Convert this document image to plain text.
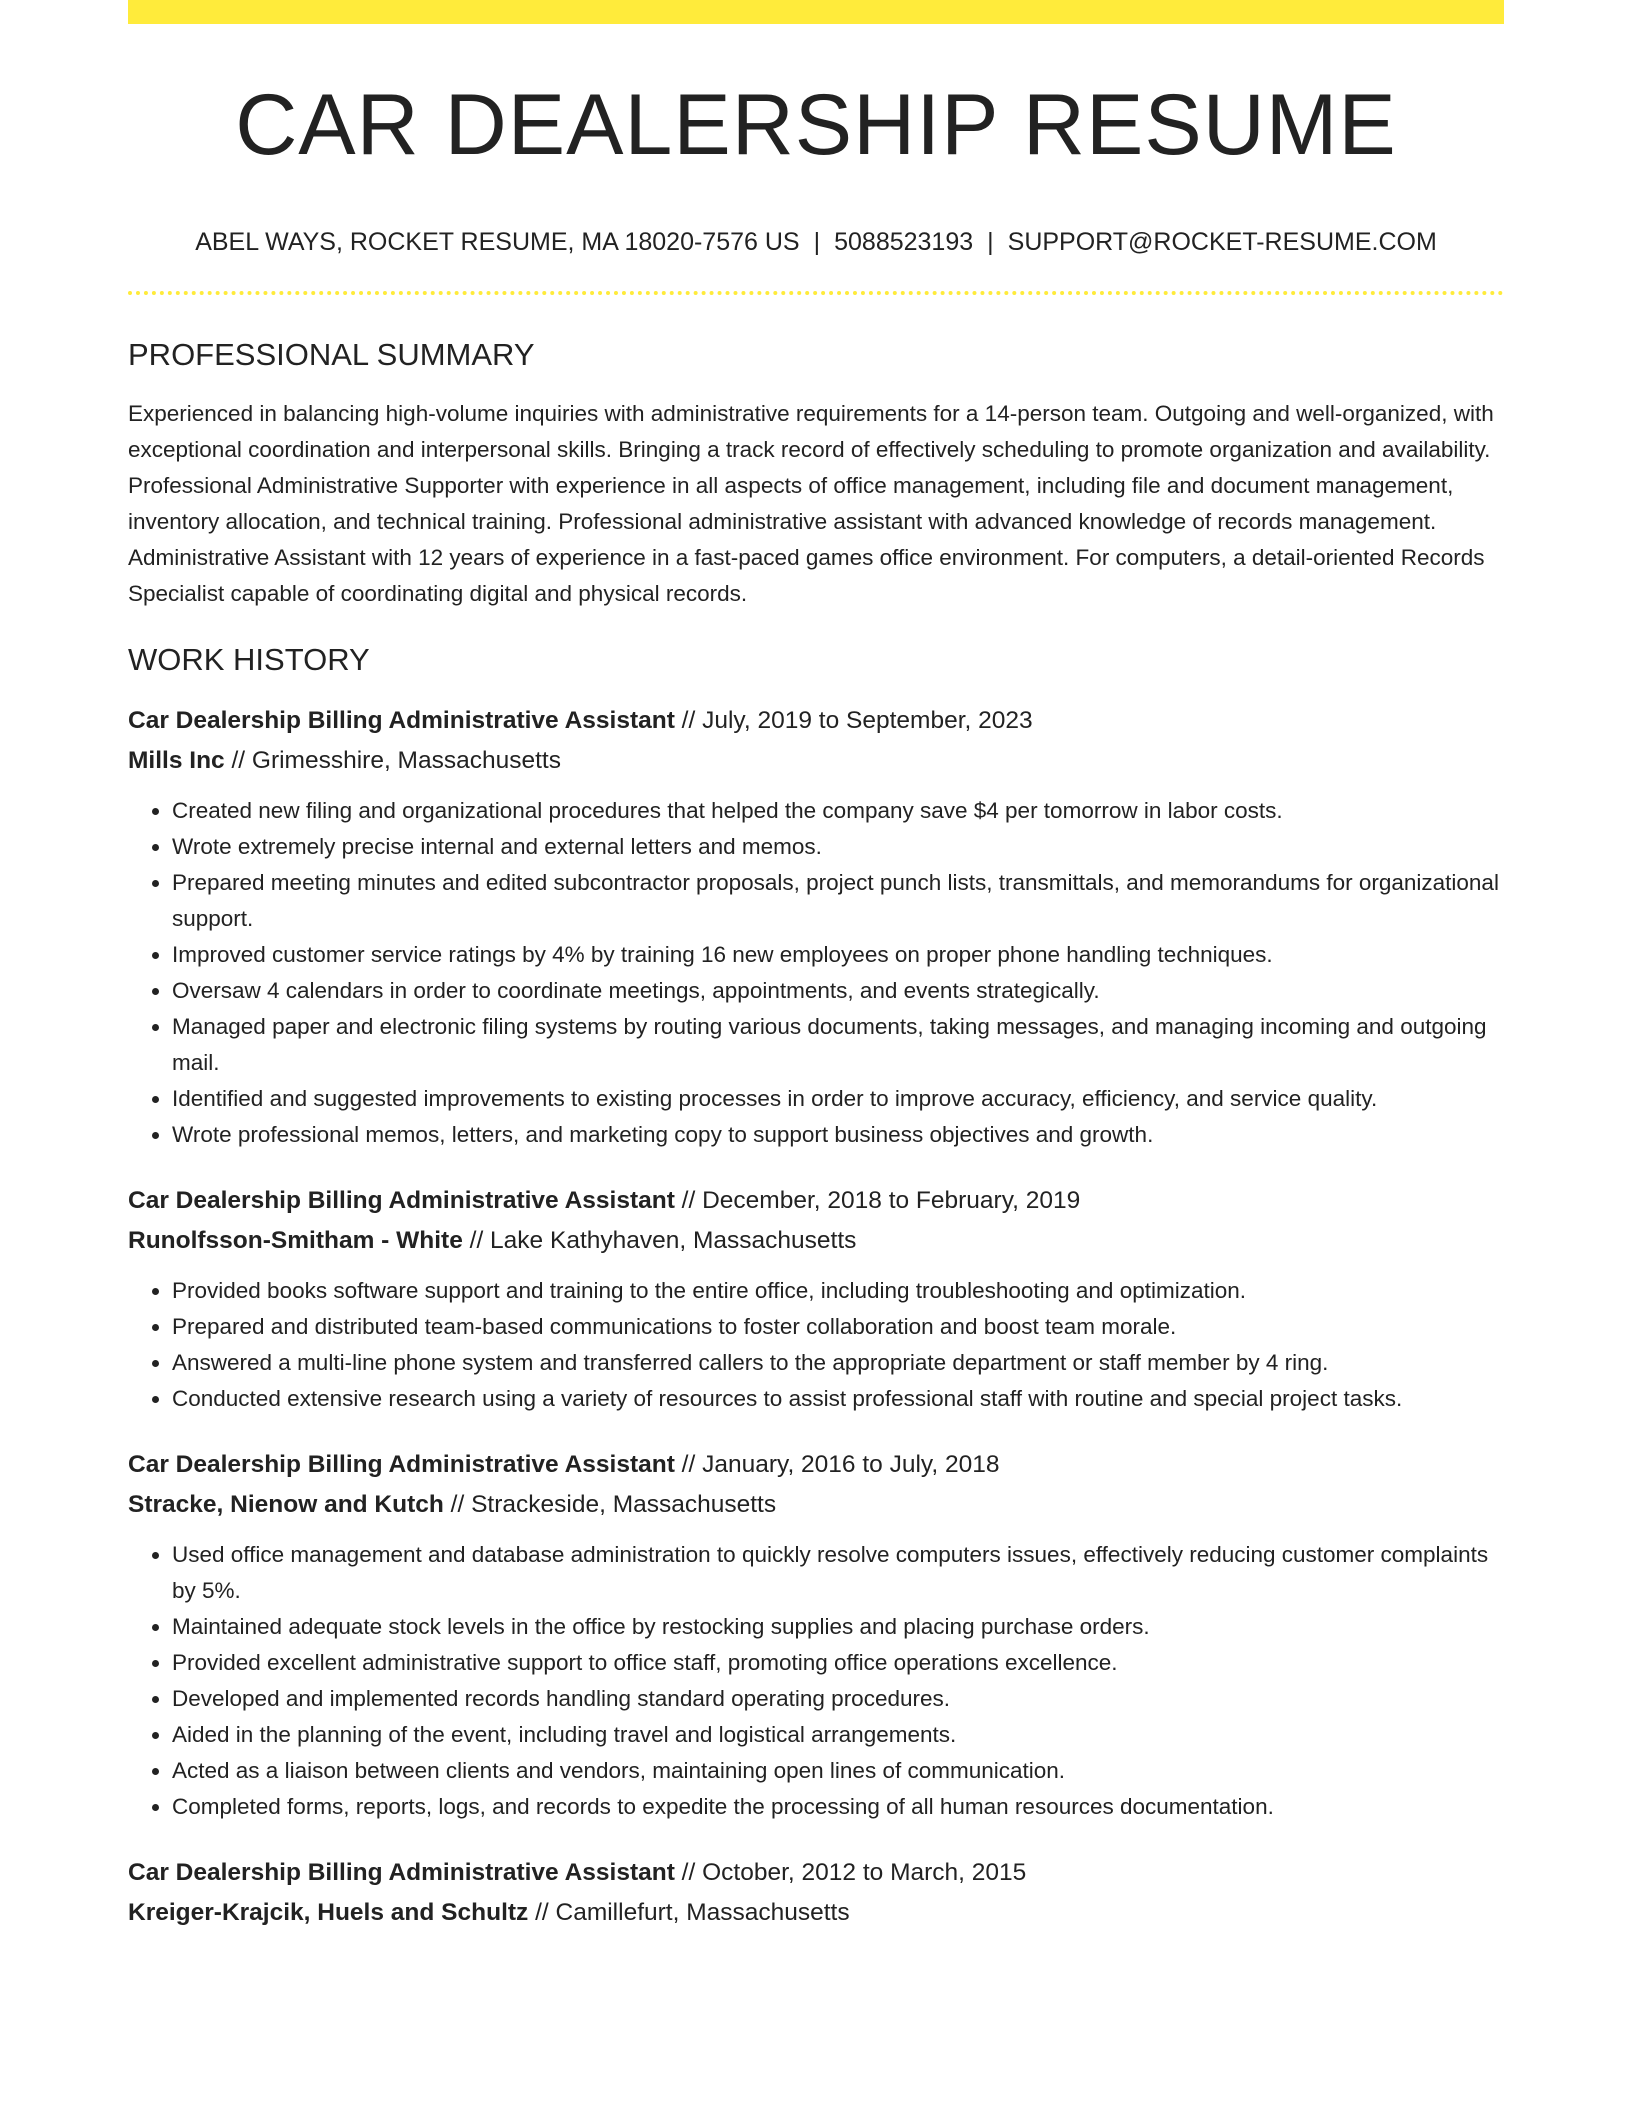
CAR DEALERSHIP RESUME
ABEL WAYS, ROCKET RESUME, MA 18020-7576 US | 5088523193 | SUPPORT@ROCKET-RESUME.COM
PROFESSIONAL SUMMARY

Experienced in balancing high-volume inquiries with administrative requirements for a 14-person team. Outgoing and well-organized, with exceptional coordination and interpersonal skills. Bringing a track record of effectively scheduling to promote organization and availability. Professional Administrative Supporter with experience in all aspects of office management, including file and document management, inventory allocation, and technical training. Professional administrative assistant with advanced knowledge of records management. Administrative Assistant with 12 years of experience in a fast-paced games office environment. For computers, a detail-oriented Records Specialist capable of coordinating digital and physical records.

WORK HISTORY
Car Dealership Billing Administrative Assistant // July, 2019 to September, 2023
Mills Inc // Grimesshire, Massachusetts
• Created new filing and organizational procedures that helped the company save $4 per tomorrow in labor costs.
• Wrote extremely precise internal and external letters and memos.
• Prepared meeting minutes and edited subcontractor proposals, project punch lists, transmittals, and memorandums for organizational support.
• Improved customer service ratings by 4% by training 16 new employees on proper phone handling techniques.
• Oversaw 4 calendars in order to coordinate meetings, appointments, and events strategically.
• Managed paper and electronic filing systems by routing various documents, taking messages, and managing incoming and outgoing mail.
• Identified and suggested improvements to existing processes in order to improve accuracy, efficiency, and service quality.
• Wrote professional memos, letters, and marketing copy to support business objectives and growth.
Car Dealership Billing Administrative Assistant // December, 2018 to February, 2019
Runolfsson-Smitham - White // Lake Kathyhaven, Massachusetts
• Provided books software support and training to the entire office, including troubleshooting and optimization.
• Prepared and distributed team-based communications to foster collaboration and boost team morale.
• Answered a multi-line phone system and transferred callers to the appropriate department or staff member by 4 ring.
• Conducted extensive research using a variety of resources to assist professional staff with routine and special project tasks.
Car Dealership Billing Administrative Assistant // January, 2016 to July, 2018
Stracke, Nienow and Kutch // Strackeside, Massachusetts
• Used office management and database administration to quickly resolve computers issues, effectively reducing customer complaints by 5%.
• Maintained adequate stock levels in the office by restocking supplies and placing purchase orders.
• Provided excellent administrative support to office staff, promoting office operations excellence.
• Developed and implemented records handling standard operating procedures.
• Aided in the planning of the event, including travel and logistical arrangements.
• Acted as a liaison between clients and vendors, maintaining open lines of communication.
• Completed forms, reports, logs, and records to expedite the processing of all human resources documentation.
Car Dealership Billing Administrative Assistant // October, 2012 to March, 2015
Kreiger-Krajcik, Huels and Schultz // Camillefurt, Massachusetts
